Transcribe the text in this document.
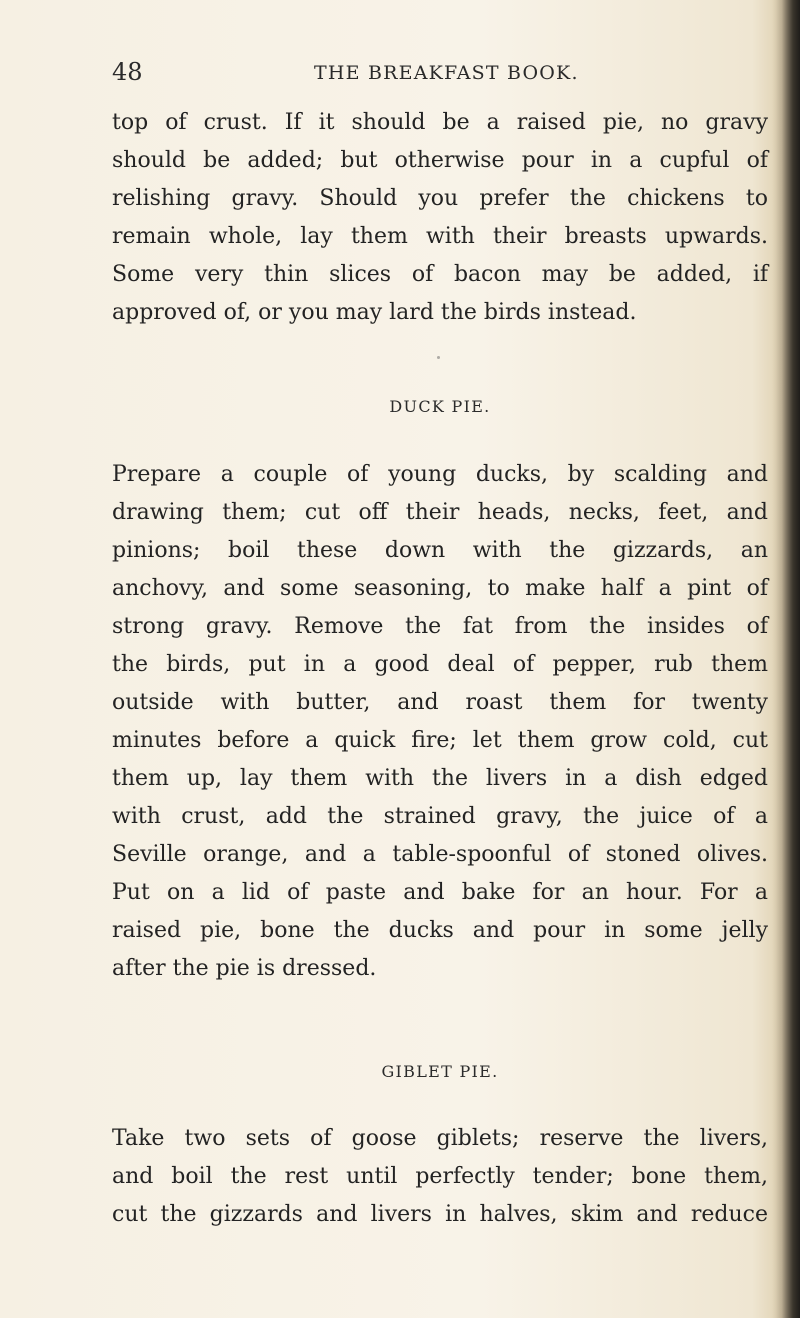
48	THE BREAKFAST BOOK.
top of crust. If it should be a raised pie, no gravy
should be added; but otherwise pour in a cupful of
relishing gravy. Should you prefer the chickens to
remain whole, lay them with their breasts upwards.
Some very thin slices of bacon may be added, if
approved of, or you may lard the birds instead.
DUCK PIE.
Prepare a couple of young ducks, by scalding and
drawing them; cut off their heads, necks, feet, and
pinions; boil these down with the gizzards, an
anchovy, and some seasoning, to make half a pint of
strong gravy. Remove the fat from the insides of
the birds, put in a good deal of pepper, rub them
outside with butter, and roast them for twenty
minutes before a quick fire; let them grow cold, cut
them up, lay them with the livers in a dish edged
with crust, add the strained gravy, the juice of a
Seville orange, and a table-spoonful of stoned olives.
Put on a lid of paste and bake for an hour. For a
raised pie, bone the ducks and pour in some jelly
after the pie is dressed.
GIBLET PIE.
Take two sets of goose giblets; reserve the livers,
and boil the rest until perfectly tender; bone them,
cut the gizzards and livers in halves, skim and reduce
